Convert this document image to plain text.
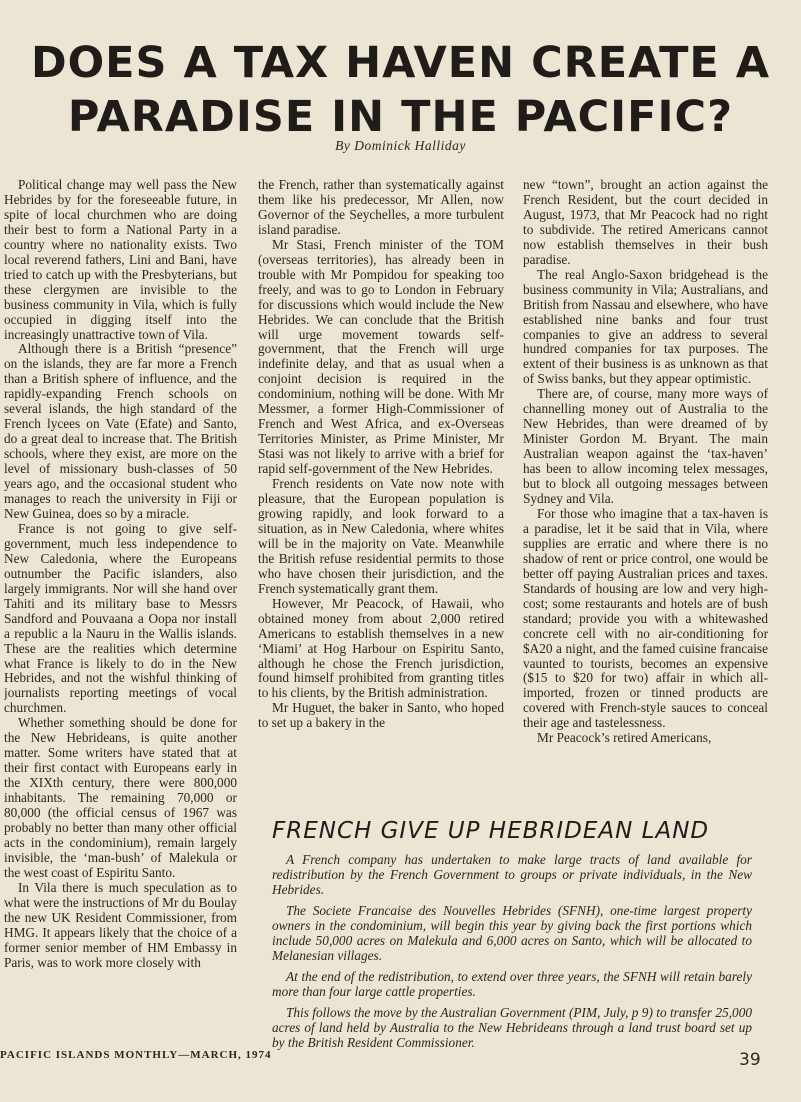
DOES A TAX HAVEN CREATE A PARADISE IN THE PACIFIC?
By Dominick Halliday

Political change may well pass the New Hebrides by for the foreseeable future, in spite of local churchmen who are doing their best to form a National Party in a country where no nationality exists. Two local reverend fathers, Lini and Bani, have tried to catch up with the Presbyterians, but these clergymen are invisible to the business community in Vila, which is fully occupied in digging itself into the increasingly unattractive town of Vila.

Although there is a British “presence” on the islands, they are far more a French than a British sphere of influence, and the rapidly-expanding French schools on several islands, the high standard of the French lycees on Vate (Efate) and Santo, do a great deal to increase that. The British schools, where they exist, are more on the level of missionary bush-classes of 50 years ago, and the occasional student who manages to reach the university in Fiji or New Guinea, does so by a miracle.

France is not going to give self-government, much less independence to New Caledonia, where the Europeans outnumber the Pacific islanders, also largely immigrants. Nor will she hand over Tahiti and its military base to Messrs Sandford and Pouvaana a Oopa nor install a republic a la Nauru in the Wallis islands. These are the realities which determine what France is likely to do in the New Hebrides, and not the wishful thinking of journalists reporting meetings of vocal churchmen.

Whether something should be done for the New Hebrideans, is quite another matter. Some writers have stated that at their first contact with Europeans early in the XIXth century, there were 800,000 inhabitants. The remaining 70,000 or 80,000 (the official census of 1967 was probably no better than many other official acts in the condominium), remain largely invisible, the ‘man-bush’ of Malekula or the west coast of Espiritu Santo.

In Vila there is much speculation as to what were the instructions of Mr du Boulay the new UK Resident Commissioner, from HMG. It appears likely that the choice of a former senior member of HM Embassy in Paris, was to work more closely with

the French, rather than systematically against them like his predecessor, Mr Allen, now Governor of the Seychelles, a more turbulent island paradise.

Mr Stasi, French minister of the TOM (overseas territories), has already been in trouble with Mr Pompidou for speaking too freely, and was to go to London in February for discussions which would include the New Hebrides. We can conclude that the British will urge movement towards self-government, that the French will urge indefinite delay, and that as usual when a conjoint decision is required in the condominium, nothing will be done. With Mr Messmer, a former High-Commissioner of French and West Africa, and ex-Overseas Territories Minister, as Prime Minister, Mr Stasi was not likely to arrive with a brief for rapid self-government of the New Hebrides.

French residents on Vate now note with pleasure, that the European population is growing rapidly, and look forward to a situation, as in New Caledonia, where whites will be in the majority on Vate. Meanwhile the British refuse residential permits to those who have chosen their jurisdiction, and the French systematically grant them.

However, Mr Peacock, of Hawaii, who obtained money from about 2,000 retired Americans to establish themselves in a new ‘Miami’ at Hog Harbour on Espiritu Santo, although he chose the French jurisdiction, found himself prohibited from granting titles to his clients, by the British administration.

Mr Huguet, the baker in Santo, who hoped to set up a bakery in the

new “town”, brought an action against the French Resident, but the court decided in August, 1973, that Mr Peacock had no right to subdivide. The retired Americans cannot now establish themselves in their bush paradise.

The real Anglo-Saxon bridgehead is the business community in Vila; Australians, and British from Nassau and elsewhere, who have established nine banks and four trust companies to give an address to several hundred companies for tax purposes. The extent of their business is as unknown as that of Swiss banks, but they appear optimistic.

There are, of course, many more ways of channelling money out of Australia to the New Hebrides, than were dreamed of by Minister Gordon M. Bryant. The main Australian weapon against the ‘tax-haven’ has been to allow incoming telex messages, but to block all outgoing messages between Sydney and Vila.

For those who imagine that a tax-haven is a paradise, let it be said that in Vila, where supplies are erratic and where there is no shadow of rent or price control, one would be better off paying Australian prices and taxes. Standards of housing are low and very high-cost; some restaurants and hotels are of bush standard; provide you with a whitewashed concrete cell with no air-conditioning for $A20 a night, and the famed cuisine francaise vaunted to tourists, becomes an expensive ($15 to $20 for two) affair in which all-imported, frozen or tinned products are covered with French-style sauces to conceal their age and tastelessness.

Mr Peacock’s retired Americans,

FRENCH GIVE UP HEBRIDEAN LAND

A French company has undertaken to make large tracts of land available for redistribution by the French Government to groups or private individuals, in the New Hebrides.

The Societe Francaise des Nouvelles Hebrides (SFNH), one-time largest property owners in the condominium, will begin this year by giving back the first portions which include 50,000 acres on Malekula and 6,000 acres on Santo, which will be allocated to Melanesian villages.

At the end of the redistribution, to extend over three years, the SFNH will retain barely more than four large cattle properties.

This follows the move by the Australian Government (PIM, July, p 9) to transfer 25,000 acres of land held by Australia to the New Hebrideans through a land trust board set up by the British Resident Commissioner.

PACIFIC ISLANDS MONTHLY—MARCH, 1974	39
